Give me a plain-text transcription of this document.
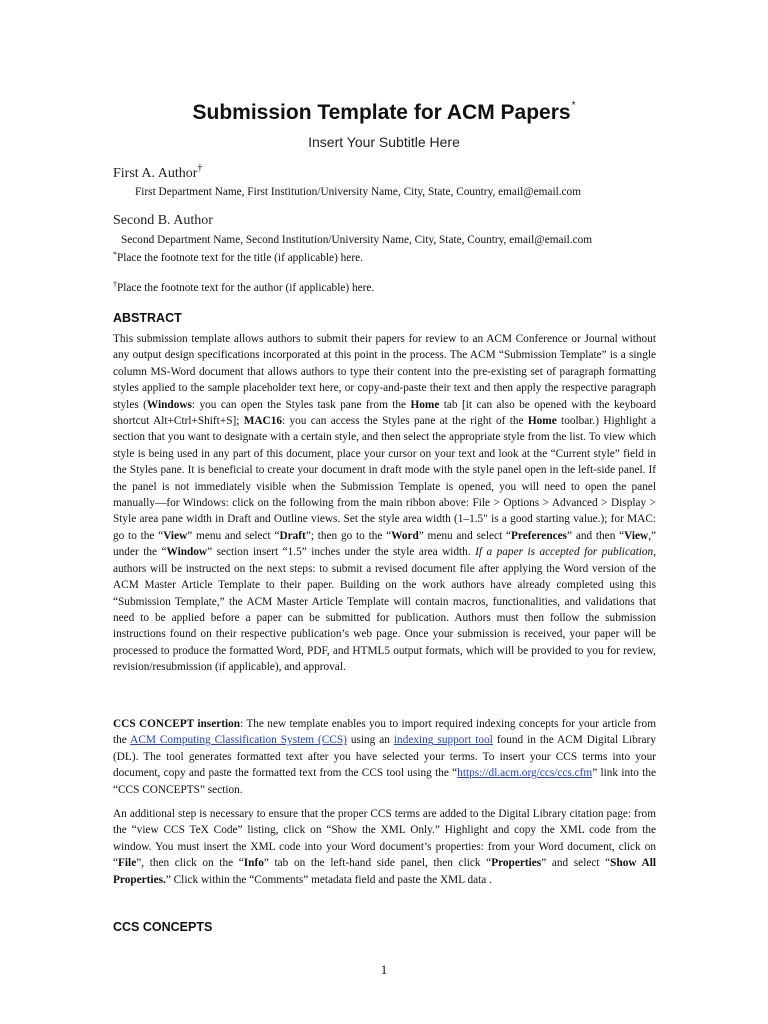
Submission Template for ACM Papers*
Insert Your Subtitle Here
First A. Author†
First Department Name, First Institution/University Name, City, State, Country, email@email.com
Second B. Author
Second Department Name, Second Institution/University Name, City, State, Country, email@email.com
*Place the footnote text for the title (if applicable) here.
†Place the footnote text for the author (if applicable) here.
ABSTRACT

This submission template allows authors to submit their papers for review to an ACM Conference or Journal without any output design specifications incorporated at this point in the process. The ACM “Submission Template” is a single column MS-Word document that allows authors to type their content into the pre-existing set of paragraph formatting styles applied to the sample placeholder text here, or copy-and-paste their text and then apply the respective paragraph styles (Windows: you can open the Styles task pane from the Home tab [it can also be opened with the keyboard shortcut Alt+Ctrl+Shift+S]; MAC16: you can access the Styles pane at the right of the Home toolbar.) Highlight a section that you want to designate with a certain style, and then select the appropriate style from the list. To view which style is being used in any part of this document, place your cursor on your text and look at the “Current style” field in the Styles pane. It is beneficial to create your document in draft mode with the style panel open in the left-side panel. If the panel is not immediately visible when the Submission Template is opened, you will need to open the panel manually—for Windows: click on the following from the main ribbon above: File > Options > Advanced > Display > Style area pane width in Draft and Outline views. Set the style area width (1–1.5" is a good starting value.); for MAC: go to the “View” menu and select “Draft”; then go to the “Word” menu and select “Preferences” and then “View,” under the “Window” section insert “1.5” inches under the style area width. If a paper is accepted for publication, authors will be instructed on the next steps: to submit a revised document file after applying the Word version of the ACM Master Article Template to their paper. Building on the work authors have already completed using this “Submission Template,” the ACM Master Article Template will contain macros, functionalities, and validations that need to be applied before a paper can be submitted for publication. Authors must then follow the submission instructions found on their respective publication’s web page. Once your submission is received, your paper will be processed to produce the formatted Word, PDF, and HTML5 output formats, which will be provided to you for review, revision/resubmission (if applicable), and approval.

CCS CONCEPT insertion: The new template enables you to import required indexing concepts for your article from the ACM Computing Classification System (CCS) using an indexing support tool found in the ACM Digital Library (DL). The tool generates formatted text after you have selected your terms. To insert your CCS terms into your document, copy and paste the formatted text from the CCS tool using the “https://dl.acm.org/ccs/ccs.cfm” link into the “CCS CONCEPTS” section.

An additional step is necessary to ensure that the proper CCS terms are added to the Digital Library citation page: from the “view CCS TeX Code” listing, click on “Show the XML Only.” Highlight and copy the XML code from the window. You must insert the XML code into your Word document’s properties: from your Word document, click on “File”, then click on the “Info” tab on the left-hand side panel, then click “Properties” and select “Show All Properties.” Click within the “Comments” metadata field and paste the XML data .

CCS CONCEPTS
1
